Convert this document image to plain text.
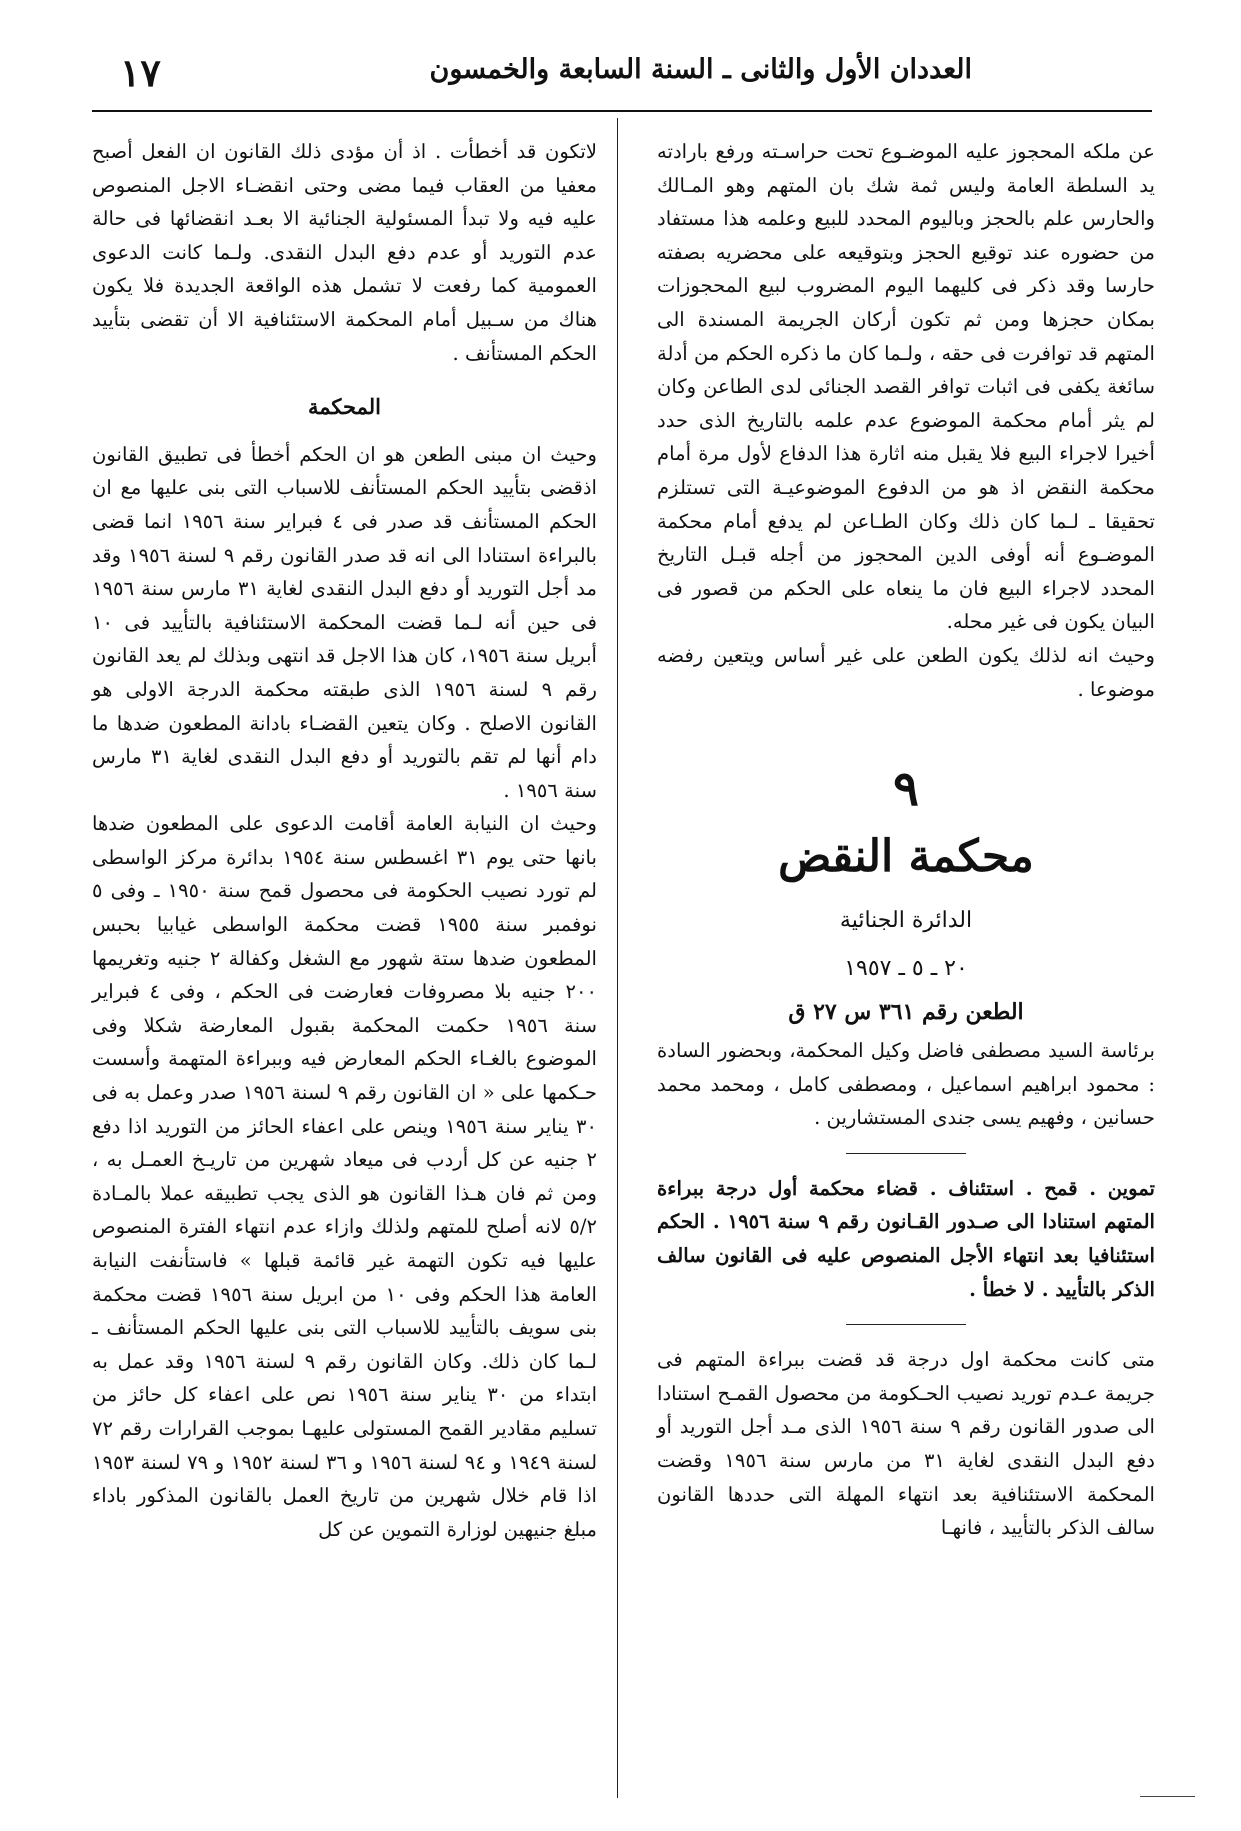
العددان الأول والثانى ـ السنة السابعة والخمسون
١٧

عن ملكه المحجوز عليه الموضـوع تحت حراسـته ورفع بارادته يد السلطة العامة وليس ثمة شك بان المتهم وهو المـالك والحارس علم بالحجز وباليوم المحدد للبيع وعلمه هذا مستفاد من حضوره عند توقيع الحجز وبتوقيعه على محضريه بصفته حارسا وقد ذكر فى كليهما اليوم المضروب لبيع المحجوزات بمكان حجزها ومن ثم تكون أركان الجريمة المسندة الى المتهم قد توافرت فى حقه ، ولـما كان ما ذكره الحكم من أدلة سائغة يكفى فى اثبات توافر القصد الجنائى لدى الطاعن وكان لم يثر أمام محكمة الموضوع عدم علمه بالتاريخ الذى حدد أخيرا لاجراء البيع فلا يقبل منه اثارة هذا الدفاع لأول مرة أمام محكمة النقض اذ هو من الدفوع الموضوعيـة التى تستلزم تحقيقا ـ لـما كان ذلك وكان الطـاعن لم يدفع أمام محكمة الموضـوع أنه أوفى الدين المحجوز من أجله قبـل التاريخ المحدد لاجراء البيع فان ما ينعاه على الحكم من قصور فى البيان يكون فى غير محله.

وحيث انه لذلك يكون الطعن على غير أساس ويتعين رفضه موضوعا .

٩
محكمة النقض
الدائرة الجنائية
٢٠ ـ ٥ ـ ١٩٥٧
الطعن رقم ٣٦١ س ٢٧ ق

برئاسة السيد مصطفى فاضل وكيل المحكمة، وبحضور السادة : محمود ابراهيم اسماعيل ، ومصطفى كامل ، ومحمد محمد حسانين ، وفهيم يسى جندى المستشارين .

تموين . قمح . استئناف . قضاء محكمة أول درجة ببراءة المتهم استنادا الى صـدور القـانون رقم ٩ سنة ١٩٥٦ . الحكم استئنافيا بعد انتهاء الأجل المنصوص عليه فى القانون سالف الذكر بالتأييد . لا خطأ .

متى كانت محكمة اول درجة قد قضت ببراءة المتهم فى جريمة عـدم توريد نصيب الحـكومة من محصول القمـح استنادا الى صدور القانون رقم ٩ سنة ١٩٥٦ الذى مـد أجل التوريد أو دفع البدل النقدى لغاية ٣١ من مارس سنة ١٩٥٦ وقضت المحكمة الاستئنافية بعد انتهاء المهلة التى حددها القانون سالف الذكر بالتأييد ، فانهـا

لاتكون قد أخطأت . اذ أن مؤدى ذلك القانون ان الفعل أصبح معفيا من العقاب فيما مضى وحتى انقضـاء الاجل المنصوص عليه فيه ولا تبدأ المسئولية الجنائية الا بعـد انقضائها فى حالة عدم التوريد أو عدم دفع البدل النقدى. ولـما كانت الدعوى العمومية كما رفعت لا تشمل هذه الواقعة الجديدة فلا يكون هناك من سـبيل أمام المحكمة الاستئنافية الا أن تقضى بتأييد الحكم المستأنف .

المحكمة

وحيث ان مبنى الطعن هو ان الحكم أخطأ فى تطبيق القانون اذقضى بتأييد الحكم المستأنف للاسباب التى بنى عليها مع ان الحكم المستأنف قد صدر فى ٤ فبراير سنة ١٩٥٦ انما قضى بالبراءة استنادا الى انه قد صدر القانون رقم ٩ لسنة ١٩٥٦ وقد مد أجل التوريد أو دفع البدل النقدى لغاية ٣١ مارس سنة ١٩٥٦ فى حين أنه لـما قضت المحكمة الاستئنافية بالتأييد فى ١٠ أبريل سنة ١٩٥٦، كان هذا الاجل قد انتهى وبذلك لم يعد القانون رقم ٩ لسنة ١٩٥٦ الذى طبقته محكمة الدرجة الاولى هو القانون الاصلح . وكان يتعين القضـاء بادانة المطعون ضدها ما دام أنها لم تقم بالتوريد أو دفع البدل النقدى لغاية ٣١ مارس سنة ١٩٥٦ .

وحيث ان النيابة العامة أقامت الدعوى على المطعون ضدها بانها حتى يوم ٣١ اغسطس سنة ١٩٥٤ بدائرة مركز الواسطى لم تورد نصيب الحكومة فى محصول قمح سنة ١٩٥٠ ـ وفى ٥ نوفمبر سنة ١٩٥٥ قضت محكمة الواسطى غيابيا بحبس المطعون ضدها ستة شهور مع الشغل وكفالة ٢ جنيه وتغريمها ٢٠٠ جنيه بلا مصروفات فعارضت فى الحكم ، وفى ٤ فبراير سنة ١٩٥٦ حكمت المحكمة بقبول المعارضة شكلا وفى الموضوع بالغـاء الحكم المعارض فيه وببراءة المتهمة وأسست حـكمها على « ان القانون رقم ٩ لسنة ١٩٥٦ صدر وعمل به فى ٣٠ يناير سنة ١٩٥٦ وينص على اعفاء الحائز من التوريد اذا دفع ٢ جنيه عن كل أردب فى ميعاد شهرين من تاريـخ العمـل به ، ومن ثم فان هـذا القانون هو الذى يجب تطبيقه عملا بالمـادة ٥/٢ لانه أصلح للمتهم ولذلك وازاء عدم انتهاء الفترة المنصوص عليها فيه تكون التهمة غير قائمة قبلها » فاستأنفت النيابة العامة هذا الحكم وفى ١٠ من ابريل سنة ١٩٥٦ قضت محكمة بنى سويف بالتأييد للاسباب التى بنى عليها الحكم المستأنف ـ لـما كان ذلك. وكان القانون رقم ٩ لسنة ١٩٥٦ وقد عمل به ابتداء من ٣٠ يناير سنة ١٩٥٦ نص على اعفاء كل حائز من تسليم مقادير القمح المستولى عليهـا بموجب القرارات رقم ٧٢ لسنة ١٩٤٩ و ٩٤ لسنة ١٩٥٦ و ٣٦ لسنة ١٩٥٢ و ٧٩ لسنة ١٩٥٣ اذا قام خلال شهرين من تاريخ العمل بالقانون المذكور باداء مبلغ جنيهين لوزارة التموين عن كل
